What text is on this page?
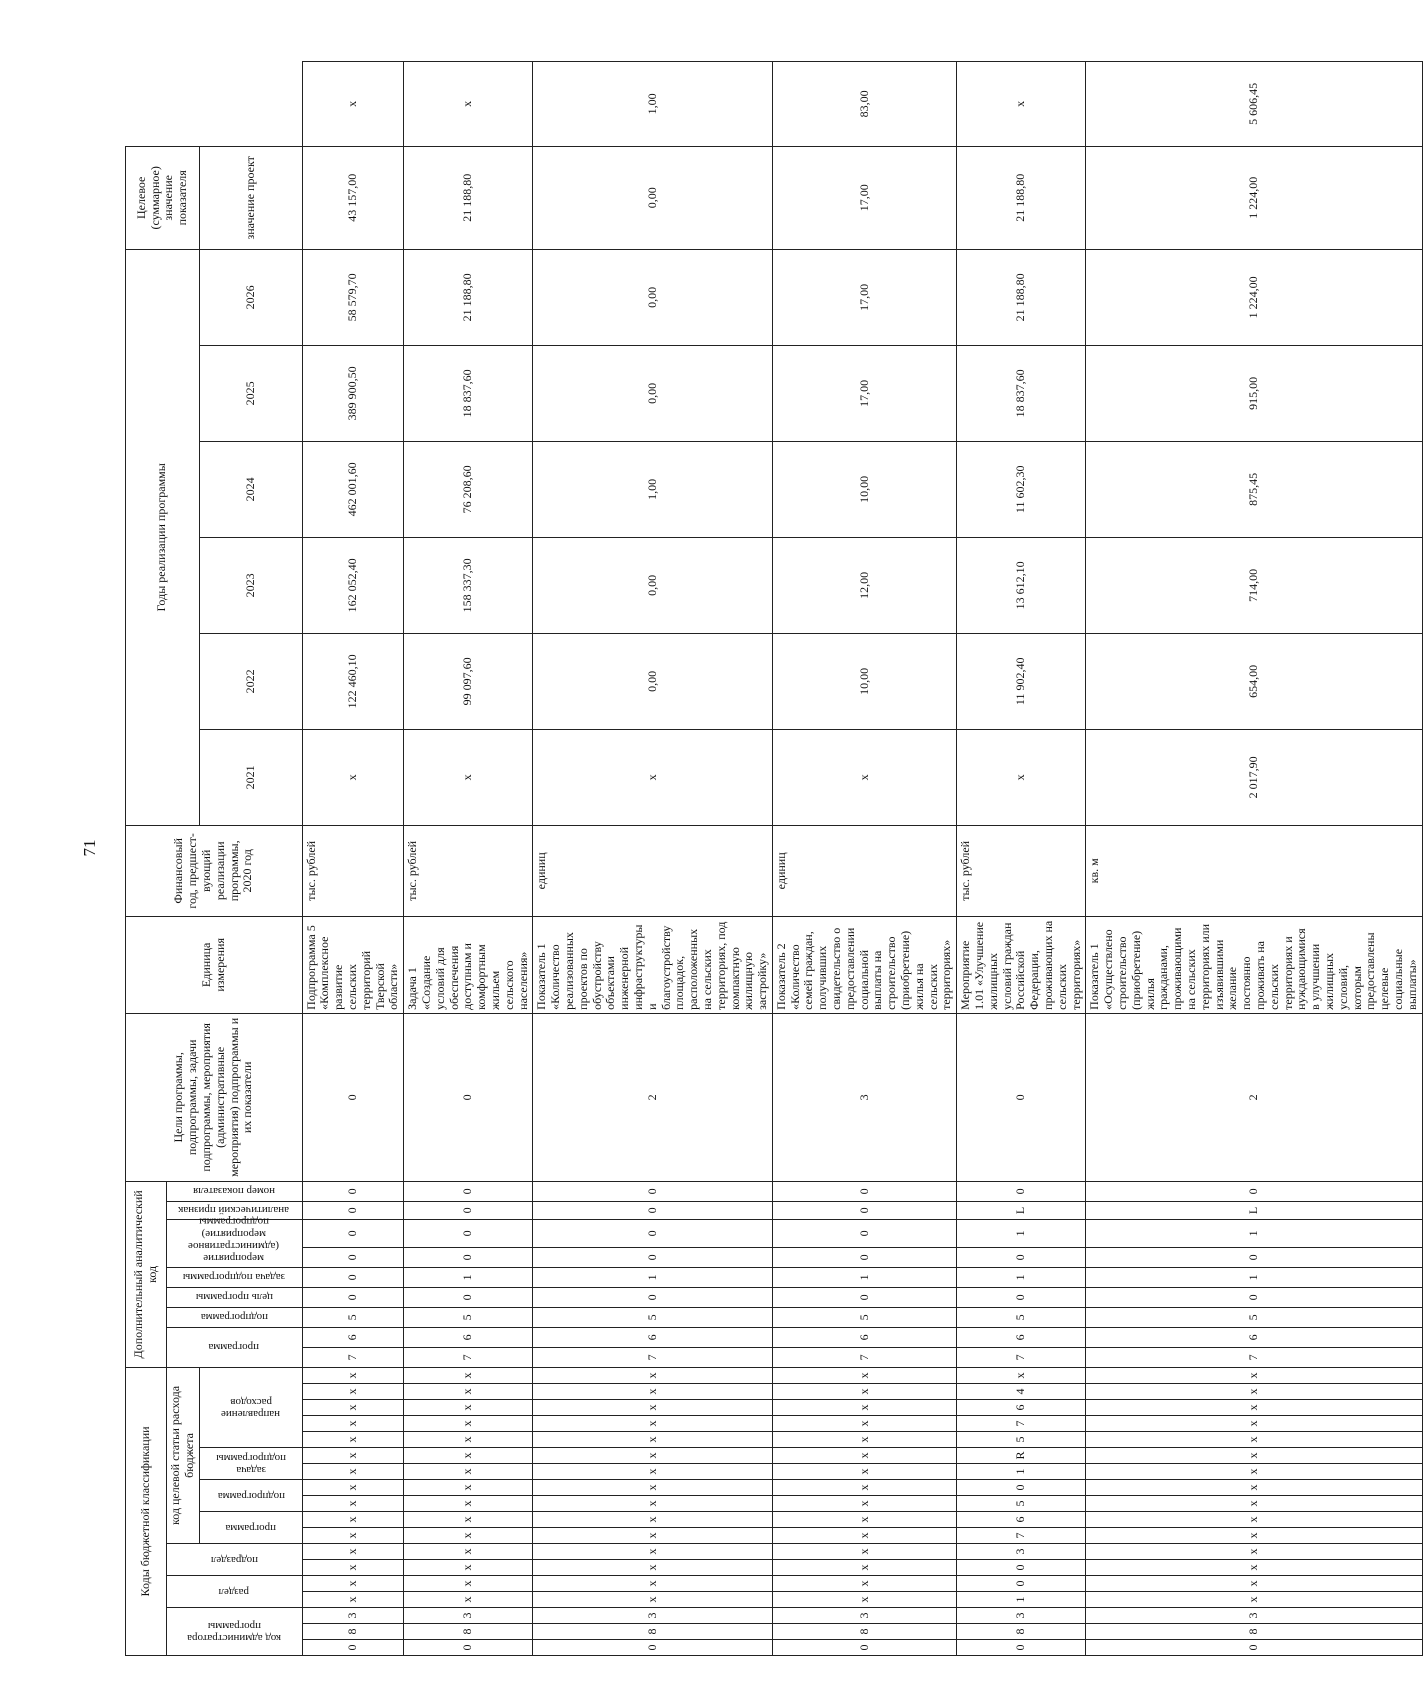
71
Коды бюджетной классификации																		Дополнительный аналитический код									Цели программы, подпрограммы, задачи подпрограммы, мероприятия (административные мероприятия) подпрограммы и их показатели	Единица измерения	Финансовый год, предшест-вующий реализации программы, 2020 год	Годы реализации программы						Целевое (суммарное) значение показателя	

код администратора программы			раздел		подраздел		код целевой статьи расхода бюджета											программа		подпрограмма	цель программы	задача подпрограммы	мероприятие (административное мероприятие) подпрограммы		аналитический признак	номер показателя											

программа		подпрограмма		задача подпрограммы		направление расходов																	2021	2022	2023	2024	2025	2026	значение проект	
0	8	3	x	x	x	x	x	x	x	x	x	x	x	x	x	x	x	7	6	5	0	0	0	0	0	0	0	Подпрограмма 5 «Комплексное развитие сельских территорий Тверской области»	тыс. рублей	x	122 460,10	162 052,40	462 001,60	389 900,50	58 579,70	43 157,00	x
0	8	3	x	x	x	x	x	x	x	x	x	x	x	x	x	x	x	7	6	5	0	1	0	0	0	0	0	Задача 1 «Создание условий для обеспечения доступным и комфортным жильем сельского населения»	тыс. рублей	x	99 097,60	158 337,30	76 208,60	18 837,60	21 188,80	21 188,80	x
0	8	3	x	x	x	x	x	x	x	x	x	x	x	x	x	x	x	7	6	5	0	1	0	0	0	0	2	Показатель 1 «Количество реализованных проектов по обустройству объектами инженерной инфраструктуры и благоустройству площадок, расположенных на сельских территориях, под компактную жилищную застройку»	единиц	x	0,00	0,00	1,00	0,00	0,00	0,00	1,00
0	8	3	x	x	x	x	x	x	x	x	x	x	x	x	x	x	x	7	6	5	0	1	0	0	0	0	3	Показатель 2 «Количество семей граждан, получивших свидетельство о предоставлении социальной выплаты на строительство (приобретение) жилья на сельских территориях»	единиц	x	10,00	12,00	10,00	17,00	17,00	17,00	83,00
0	8	3	1	0	0	3	7	6	5	0	1	R	5	7	6	4	x	7	6	5	0	1	0	1	L	0	0	Мероприятие 1.01 «Улучшение жилищных условий граждан Российской Федерации, проживающих на сельских территориях»	тыс. рублей	x	11 902,40	13 612,10	11 602,30	18 837,60	21 188,80	21 188,80	x
0	8	3	x	x	x	x	x	x	x	x	x	x	x	x	x	x	x	7	6	5	0	1	0	1	L	0	2	Показатель 1 «Осуществлено строительство (приобретение) жилья гражданами, проживающими на сельских территориях или изъявившими желание постоянно проживать на сельских территориях и нуждающимися в улучшении жилищных условий, которым предоставлены целевые социальные выплаты»	кв. м	2 017,90	654,00	714,00	875,45	915,00	1 224,00	1 224,00	5 606,45
